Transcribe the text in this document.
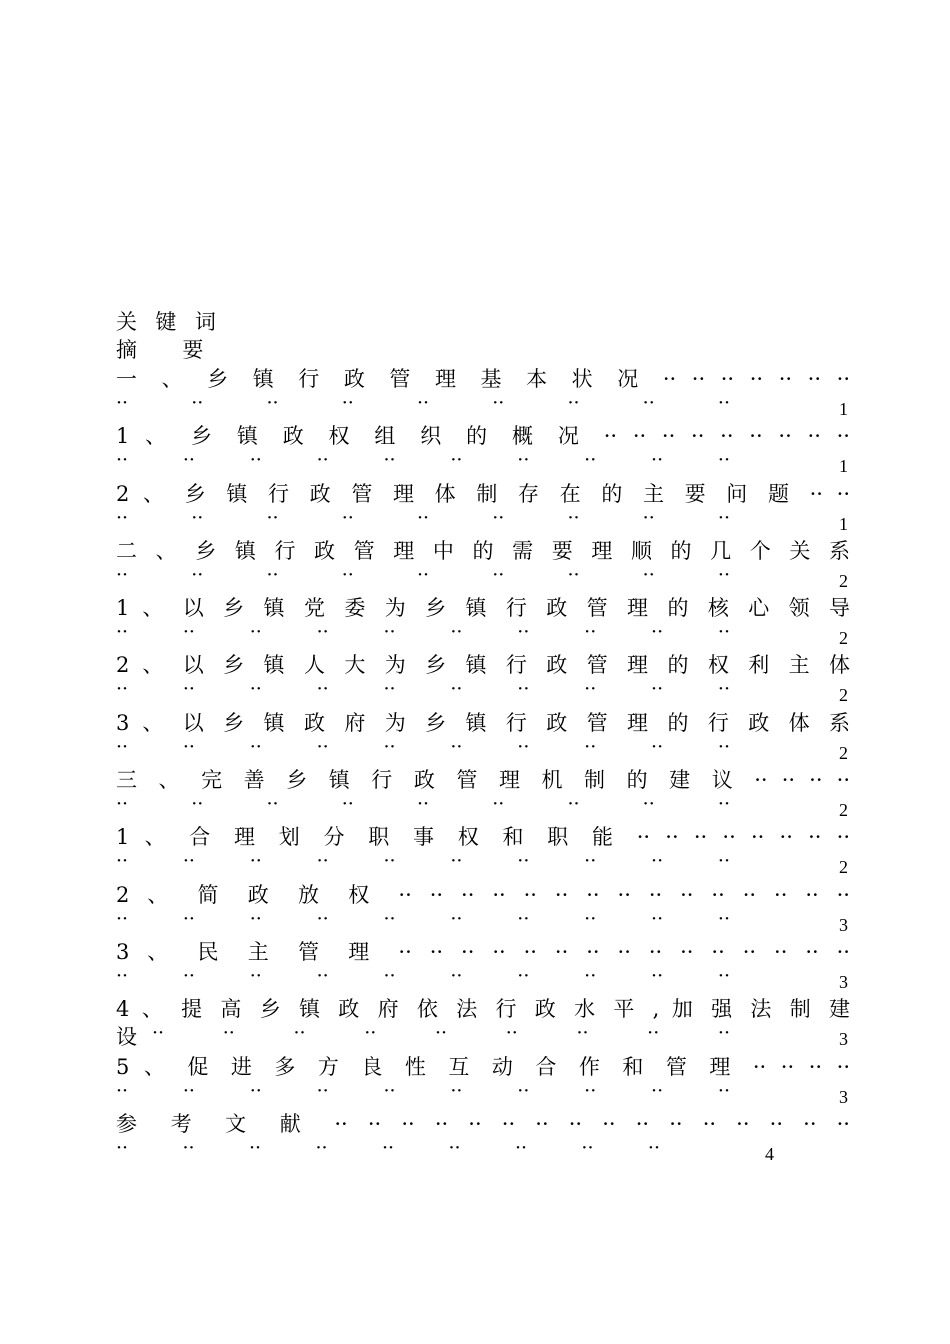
关 键 词
摘　 要
一 、 乡 镇 行 政 管 理 基 本 状 况 ·· ·· ·· ·· ·· ·· ··
·· ·· ·· ·· ·· ·· ·· ·· ··	1
1 、 乡 镇 政 权 组 织 的 概 况 ·· ·· ·· ·· ·· ·· ·· ·· ··
·· ·· ·· ·· ·· ·· ·· ·· ·· ··	1
2 、 乡 镇 行 政 管 理 体 制 存 在 的 主 要 问 题 ·· ··
·· ·· ·· ·· ·· ·· ·· ·· ··	1
二 、 乡 镇 行 政 管 理 中 的 需 要 理 顺 的 几 个 关 系
·· ·· ·· ·· ·· ·· ·· ·· ··	2
1 、 以 乡 镇 党 委 为 乡 镇 行 政 管 理 的 核 心 领 导
·· ·· ·· ·· ·· ·· ·· ·· ·· ··	2
2 、 以 乡 镇 人 大 为 乡 镇 行 政 管 理 的 权 利 主 体
·· ·· ·· ·· ·· ·· ·· ·· ·· ··	2
3 、 以 乡 镇 政 府 为 乡 镇 行 政 管 理 的 行 政 体 系
·· ·· ·· ·· ·· ·· ·· ·· ·· ··	2
三 、 完 善 乡 镇 行 政 管 理 机 制 的 建 议 ·· ·· ·· ··
·· ·· ·· ·· ·· ·· ·· ·· ··	2
1 、 合 理 划 分 职 事 权 和 职 能 ·· ·· ·· ·· ·· ·· ·· ··
·· ·· ·· ·· ·· ·· ·· ·· ·· ··	2
2 、 简 政 放 权 ·· ·· ·· ·· ·· ·· ·· ·· ·· ·· ·· ·· ·· ·· ··
·· ·· ·· ·· ·· ·· ·· ·· ·· ··	3
3 、 民 主 管 理 ·· ·· ·· ·· ·· ·· ·· ·· ·· ·· ·· ·· ·· ·· ··
·· ·· ·· ·· ·· ·· ·· ·· ·· ··	3
4 、 提 高 乡 镇 政 府 依 法 行 政 水 平 , 加 强 法 制 建
设 ·· ·· ·· ·· ·· ·· ·· ·· ··	3
5 、 促 进 多 方 良 性 互 动 合 作 和 管 理 ·· ·· ·· ··
·· ·· ·· ·· ·· ·· ·· ·· ·· ··	3
参 考 文 献 ·· ·· ·· ·· ·· ·· ·· ·· ·· ·· ·· ·· ·· ·· ·· ··
·· ·· ·· ·· ·· ·· ·· ·· ··	4
